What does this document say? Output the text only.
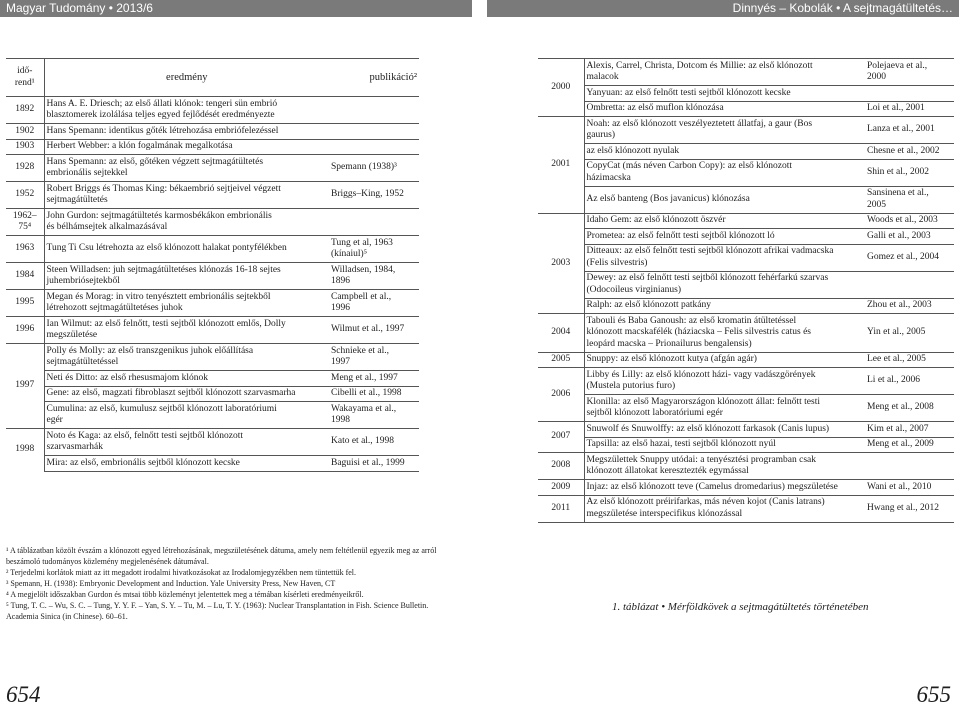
Magyar Tudomány • 2013/6	Dinnyés – Kobolák • A sejtmagátültetés…
idő-
rend¹	eredmény	publikáció²

1892	Hans A. E. Driesch; az első állati klónok: tengeri sün embrió
blasztomerek izolálása teljes egyed fejlődését eredményezte	

1902	Hans Spemann: identikus gőték létrehozása embriófelezéssel	

1903	Herbert Webber: a klón fogalmának megalkotása	

1928	Hans Spemann: az első, gőtéken végzett sejtmagátültetés
embrionális sejtekkel	Spemann (1938)³

1952	Robert Briggs és Thomas King: békaembrió sejtjeivel végzett
sejtmagátültetés	Briggs–King, 1952

1962–
75⁴	John Gurdon: sejtmagátültetés karmosbékákon embrionális
és bélhámsejtek alkalmazásával	

1963	Tung Ti Csu létrehozta az első klónozott halakat pontyfélékben	Tung et al, 1963
(kínaiul)⁵

1984	Steen Willadsen: juh sejtmagátültetéses klónozás 16-18 sejtes
juhembriósejtekből	Willadsen, 1984,
1896

1995	Megan és Morag: in vitro tenyésztett embrionális sejtekből
létrehozott sejtmagátültetéses juhok	Campbell et al.,
1996

1996	Ian Wilmut: az első felnőtt, testi sejtből klónozott emlős, Dolly
megszületése	Wilmut et al., 1997

1997	Polly és Molly: az első transzgenikus juhok előállítása
sejtmagátültetéssel	Schnieke et al.,
1997

	Neti és Ditto: az első rhesusmajom klónok	Meng et al., 1997

	Gene: az első, magzati fibroblaszt sejtből klónozott szarvasmarha	Cibelli et al., 1998

	Cumulina: az első, kumulusz sejtből klónozott laboratóriumi
egér	Wakayama et al.,
1998

1998	Noto és Kaga: az első, felnőtt testi sejtből klónozott
szarvasmarhák	Kato et al., 1998

	Mira: az első, embrionális sejtből klónozott kecske	Baguisi et al., 1999
¹ A táblázatban közölt évszám a klónozott egyed létrehozásának, megszületésének dátuma, amely nem feltétlenül egyezik meg az arról beszámoló tudományos közlemény megjelenésének dátumával.
² Terjedelmi korlátok miatt az itt megadott irodalmi hivatkozásokat az Irodalomjegyzékben nem tüntettük fel.
³ Spemann, H. (1938): Embryonic Development and Induction. Yale University Press, New Haven, CT
⁴ A megjelölt időszakban Gurdon és mtsai több közleményt jelentettek meg a témában kísérleti eredményeikről.
⁵ Tung, T. C. – Wu, S. C. – Tung, Y. Y. F. – Yan, S. Y. – Tu, M. – Lu, T. Y. (1963): Nuclear Transplantation in Fish. Science Bulletin. Academia Sinica (in Chinese). 60–61.
2000	Alexis, Carrel, Christa, Dotcom és Millie: az első klónozott
malacok	Polejaeva et al.,
2000

	Yanyuan: az első felnőtt testi sejtből klónozott kecske	

	Ombretta: az első muflon klónozása	Loi et al., 2001

2001	Noah: az első klónozott veszélyeztetett állatfaj, a gaur (Bos
gaurus)	Lanza et al., 2001

	az első klónozott nyulak	Chesne et al., 2002

	CopyCat (más néven Carbon Copy): az első klónozott
házimacska	Shin et al., 2002

	Az első banteng (Bos javanicus) klónozása	Sansinena et al.,
2005

2003	Idaho Gem: az első klónozott öszvér	Woods et al., 2003

	Prometea: az első felnőtt testi sejtből klónozott ló	Galli et al., 2003

	Ditteaux: az első felnőtt testi sejtből klónozott afrikai vadmacska
(Felis silvestris)	Gomez et al., 2004

	Dewey: az első felnőtt testi sejtből klónozott fehérfarkú szarvas
(Odocoileus virginianus)	

	Ralph: az első klónozott patkány	Zhou et al., 2003

2004	Tabouli és Baba Ganoush: az első kromatin átültetéssel
klónozott macskafélék (háziacska – Felis silvestris catus és
leopárd macska – Prionailurus bengalensis)	Yin et al., 2005

2005	Snuppy: az első klónozott kutya (afgán agár)	Lee et al., 2005

2006	Libby és Lilly: az első klónozott házi- vagy vadászgörények
(Mustela putorius furo)	Li et al., 2006

	Klonilla: az első Magyarországon klónozott állat: felnőtt testi
sejtből klónozott laboratóriumi egér	Meng et al., 2008

2007	Snuwolf és Snuwolffy: az első klónozott farkasok (Canis lupus)	Kim et al., 2007

	Tapsilla: az első hazai, testi sejtből klónozott nyúl	Meng et al., 2009

2008	Megszülettek Snuppy utódai: a tenyésztési programban csak
klónozott állatokat keresztezték egymással	

2009	Injaz: az első klónozott teve (Camelus dromedarius) megszületése	Wani et al., 2010

2011	Az első klónozott préirifarkas, más néven kojot (Canis latrans)
megszületése interspecifikus klónozással	Hwang et al., 2012
1. táblázat • Mérföldkövek a sejtmagátültetés történetében
654	655
